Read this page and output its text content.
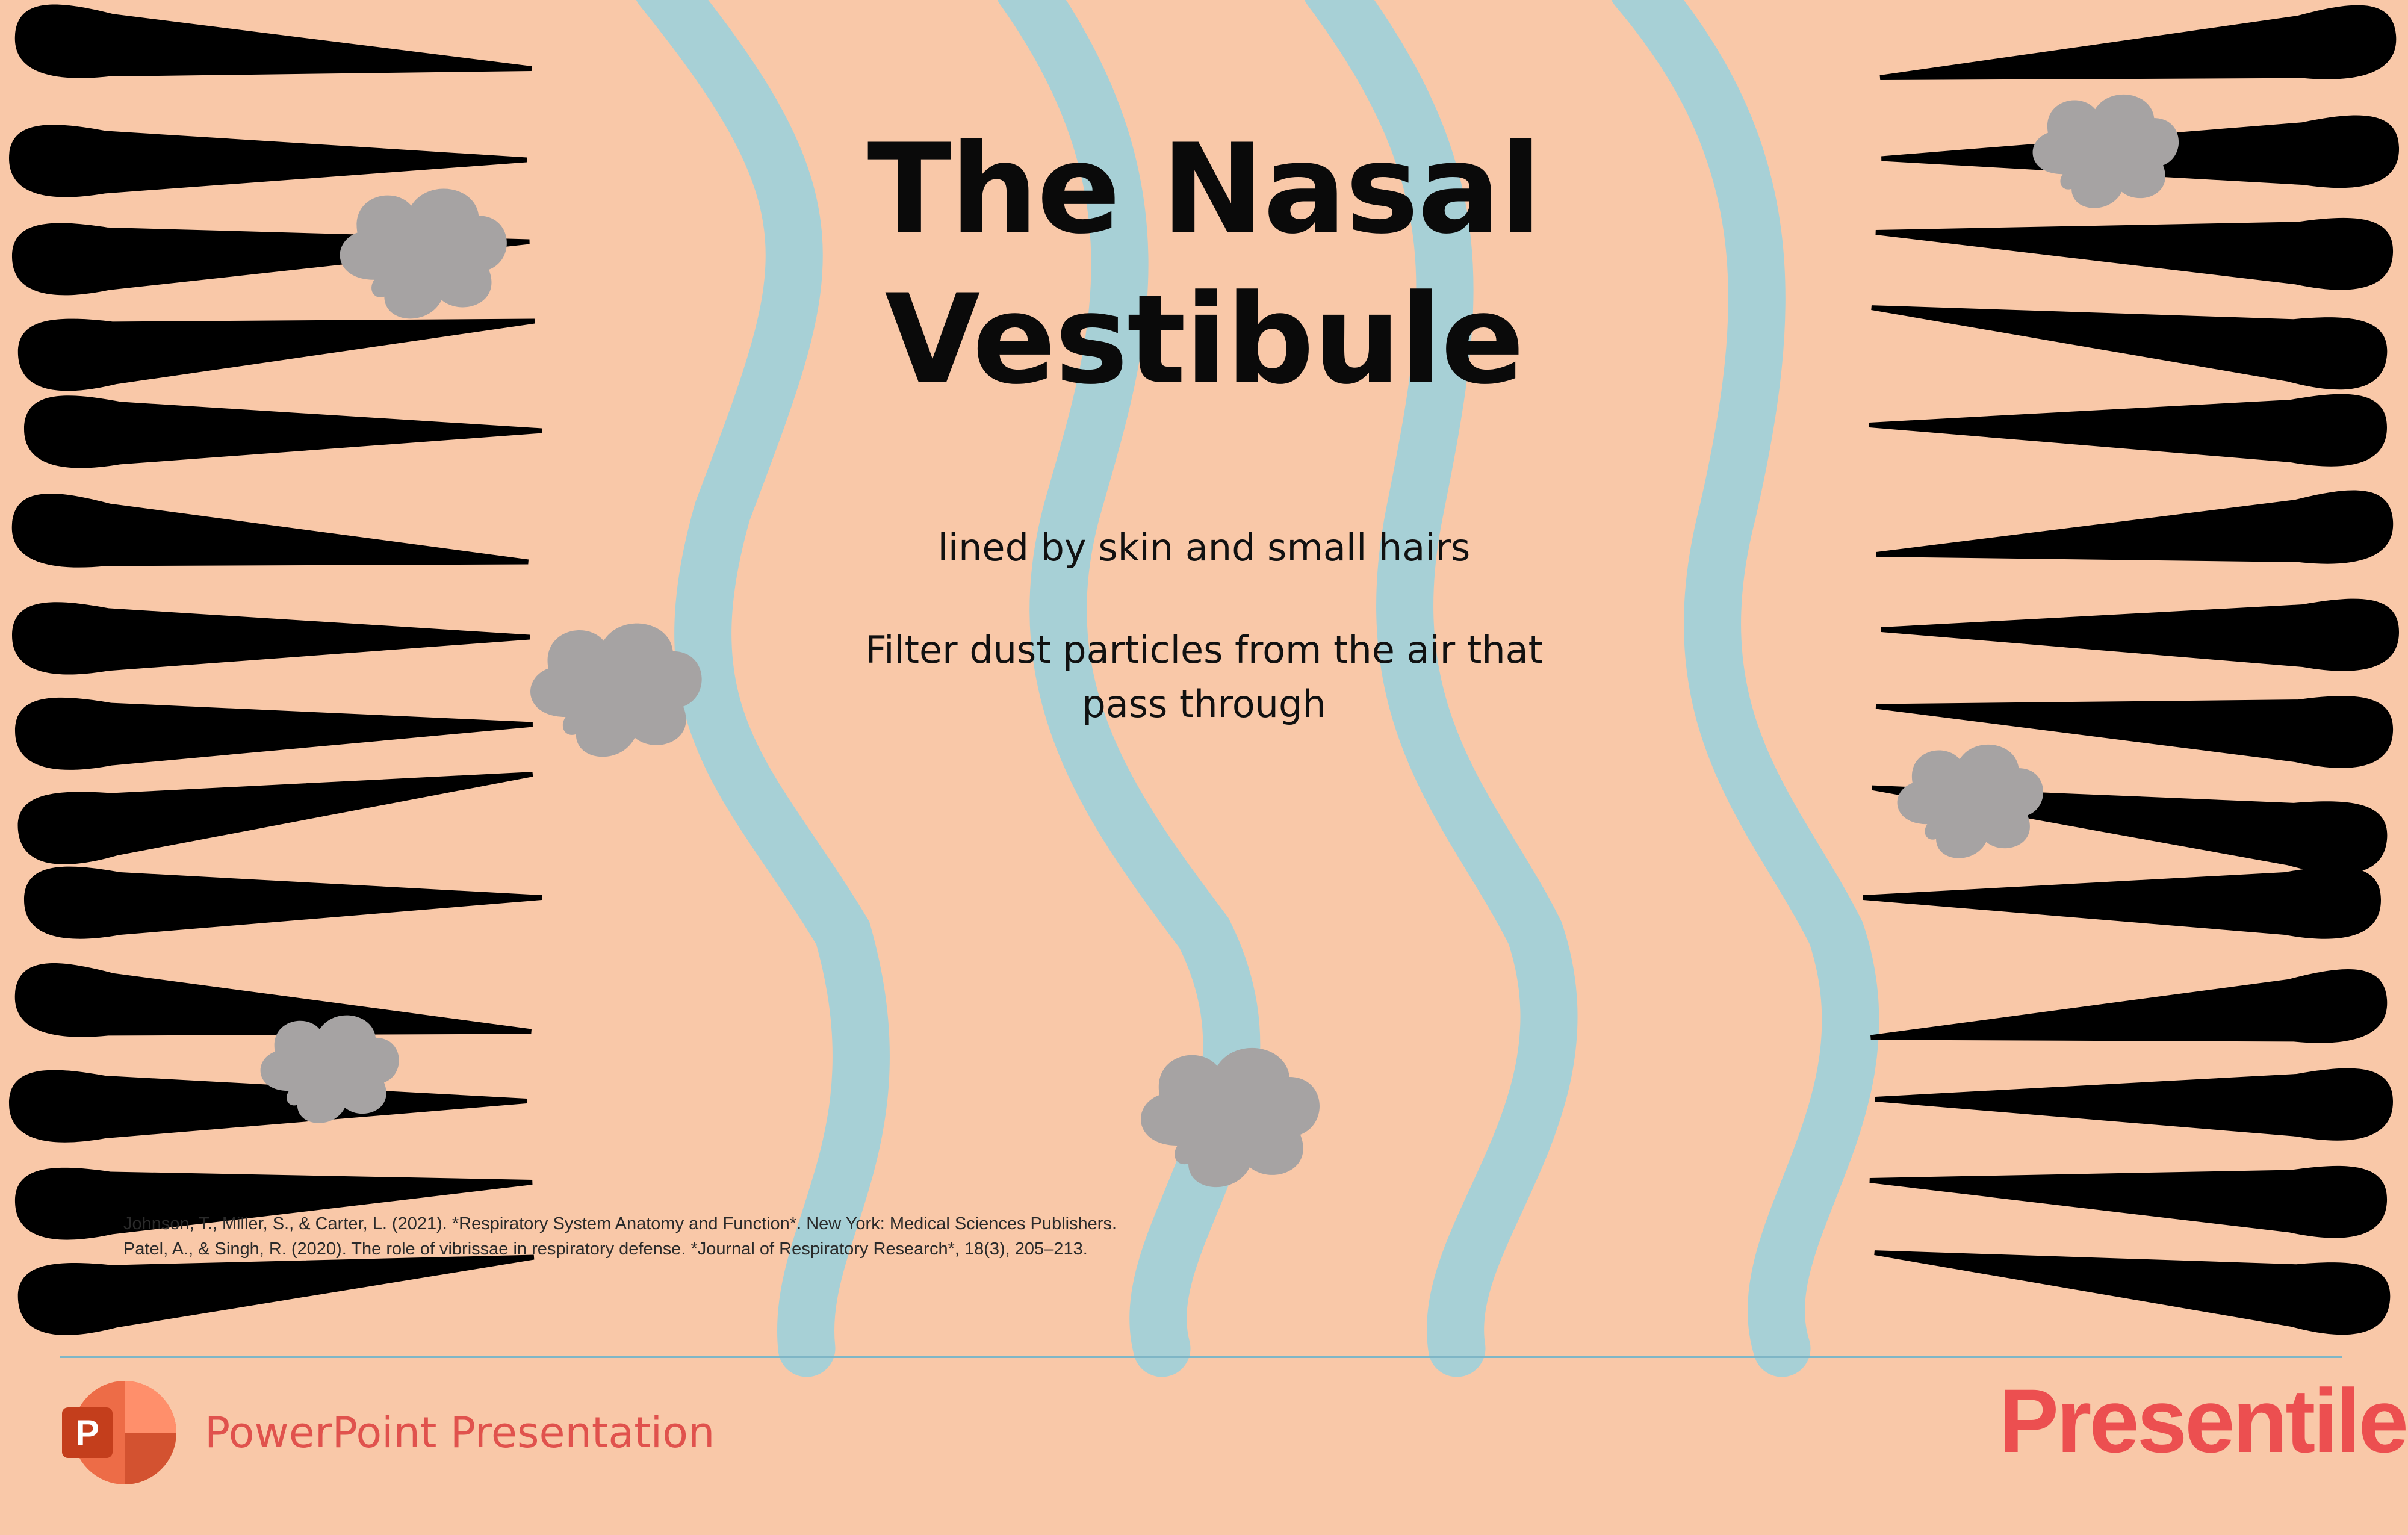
The Nasal
Vestibule
lined by skin and small hairs
Filter dust particles from the air that
pass through
Johnson, T., Miller, S., & Carter, L. (2021). *Respiratory System Anatomy and Function*. New York: Medical Sciences Publishers.
Patel, A., & Singh, R. (2020). The role of vibrissae in respiratory defense. *Journal of Respiratory Research*, 18(3), 205–213.
P PowerPoint Presentation	Presentile
